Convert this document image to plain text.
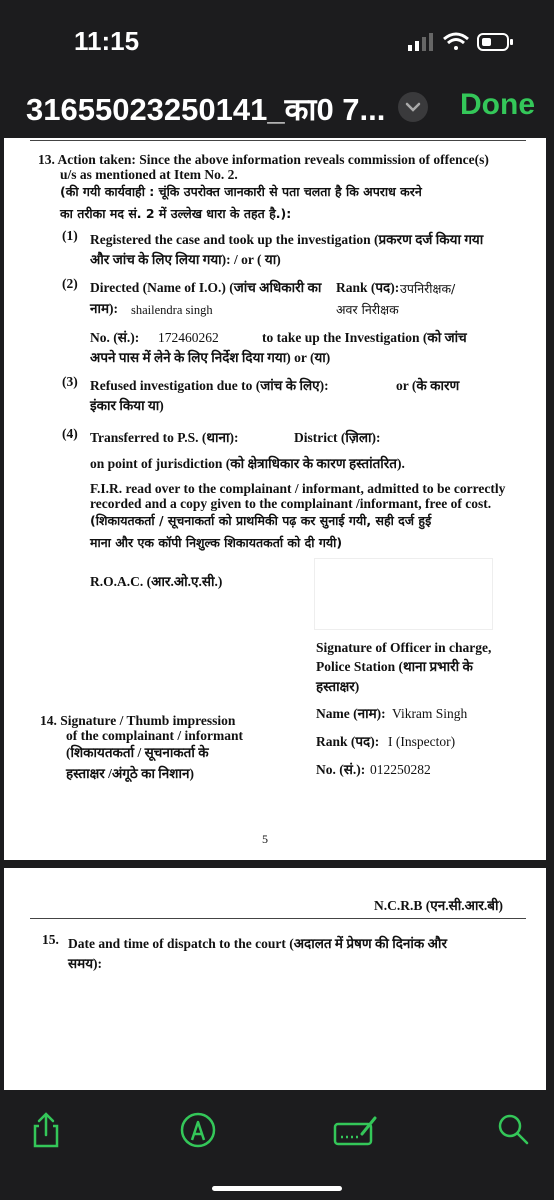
11:15
31655023250141_का0 7... Done
13. Action taken: Since the above information reveals commission of offence(s)
u/s as mentioned at Item No. 2.
(की गयी कार्यवाही : चूंकि उपरोक्त जानकारी से पता चलता है कि अपराध करने
का तरीका मद सं. 2 में उल्लेख धारा के तहत है.):
(1) Registered the case and took up the investigation (प्रकरण दर्ज किया गया
और जांच के लिए लिया गया): / or ( या)
(2) Directed (Name of I.O.) (जांच अधिकारी का
नाम): shailendra singh
Rank (पद): उपनिरीक्षक/
अवर निरीक्षक
No. (सं.): 172460262	to take up the Investigation (को जांच
अपने पास में लेने के लिए निर्देश दिया गया) or (या)
(3) Refused investigation due to (जांच के लिए):	or (के कारण
इंकार किया या)
(4) Transferred to P.S. (थाना):	District (ज़िला):
on point of jurisdiction (को क्षेत्राधिकार के कारण हस्तांतरित).
F.I.R. read over to the complainant / informant, admitted to be correctly
recorded and a copy given to the complainant /informant, free of cost.
(शिकायतकर्ता / सूचनाकर्ता को प्राथमिकी पढ़ कर सुनाई गयी, सही दर्ज हुई
माना और एक कॉपी निशुल्क शिकायतकर्ता को दी गयी)
R.O.A.C. (आर.ओ.ए.सी.)
Signature of Officer in charge,
Police Station (थाना प्रभारी के
हस्ताक्षर)
14. Signature / Thumb impression
of the complainant / informant
(शिकायतकर्ता / सूचनाकर्ता के
हस्ताक्षर /अंगूठे का निशान)
Name (नाम): Vikram Singh
Rank (पद): I (Inspector)
No. (सं.): 012250282
5
N.C.R.B (एन.सी.आर.बी)
15. Date and time of dispatch to the court (अदालत में प्रेषण की दिनांक और
समय):
